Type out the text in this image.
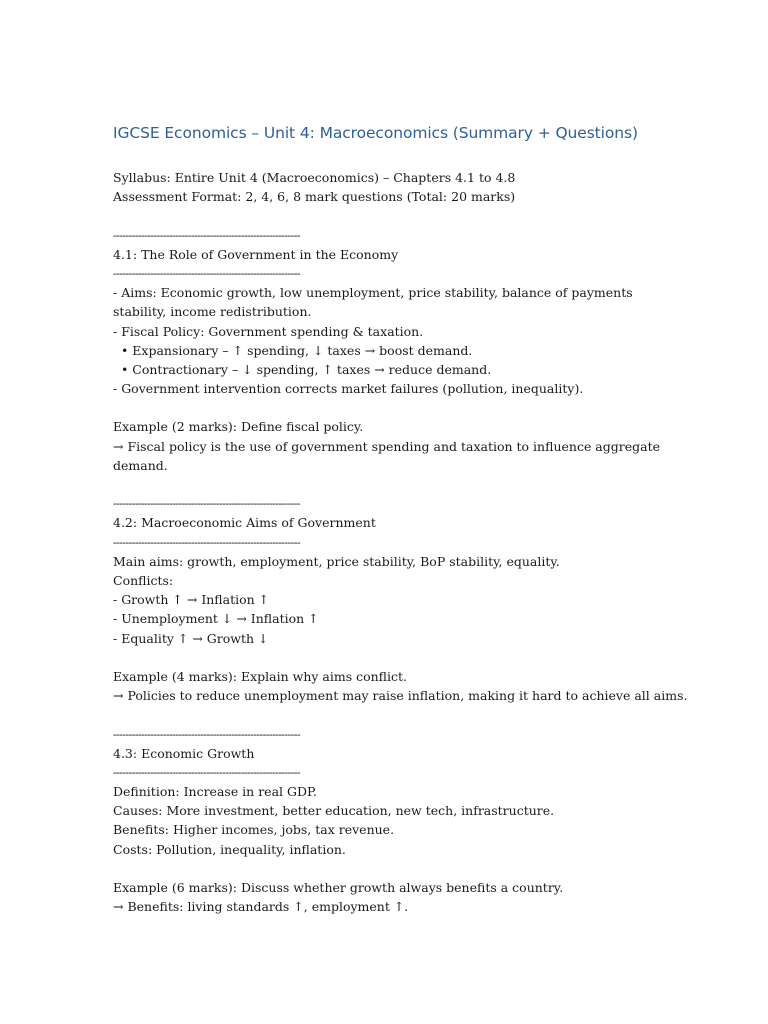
IGCSE Economics – Unit 4: Macroeconomics (Summary + Questions)
Syllabus: Entire Unit 4 (Macroeconomics) – Chapters 4.1 to 4.8
Assessment Format: 2, 4, 6, 8 mark questions (Total: 20 marks)
------------------------------------------------------------
4.1: The Role of Government in the Economy
------------------------------------------------------------
- Aims: Economic growth, low unemployment, price stability, balance of payments stability, income redistribution.
- Fiscal Policy: Government spending & taxation.
• Expansionary – ↑ spending, ↓ taxes → boost demand.
• Contractionary – ↓ spending, ↑ taxes → reduce demand.
- Government intervention corrects market failures (pollution, inequality).
Example (2 marks): Define fiscal policy.
→ Fiscal policy is the use of government spending and taxation to influence aggregate demand.
------------------------------------------------------------
4.2: Macroeconomic Aims of Government
------------------------------------------------------------
Main aims: growth, employment, price stability, BoP stability, equality.
Conflicts:
- Growth ↑ → Inflation ↑
- Unemployment ↓ → Inflation ↑
- Equality ↑ → Growth ↓
Example (4 marks): Explain why aims conflict.
→ Policies to reduce unemployment may raise inflation, making it hard to achieve all aims.
------------------------------------------------------------
4.3: Economic Growth
------------------------------------------------------------
Definition: Increase in real GDP.
Causes: More investment, better education, new tech, infrastructure.
Benefits: Higher incomes, jobs, tax revenue.
Costs: Pollution, inequality, inflation.
Example (6 marks): Discuss whether growth always benefits a country.
→ Benefits: living standards ↑, employment ↑.
